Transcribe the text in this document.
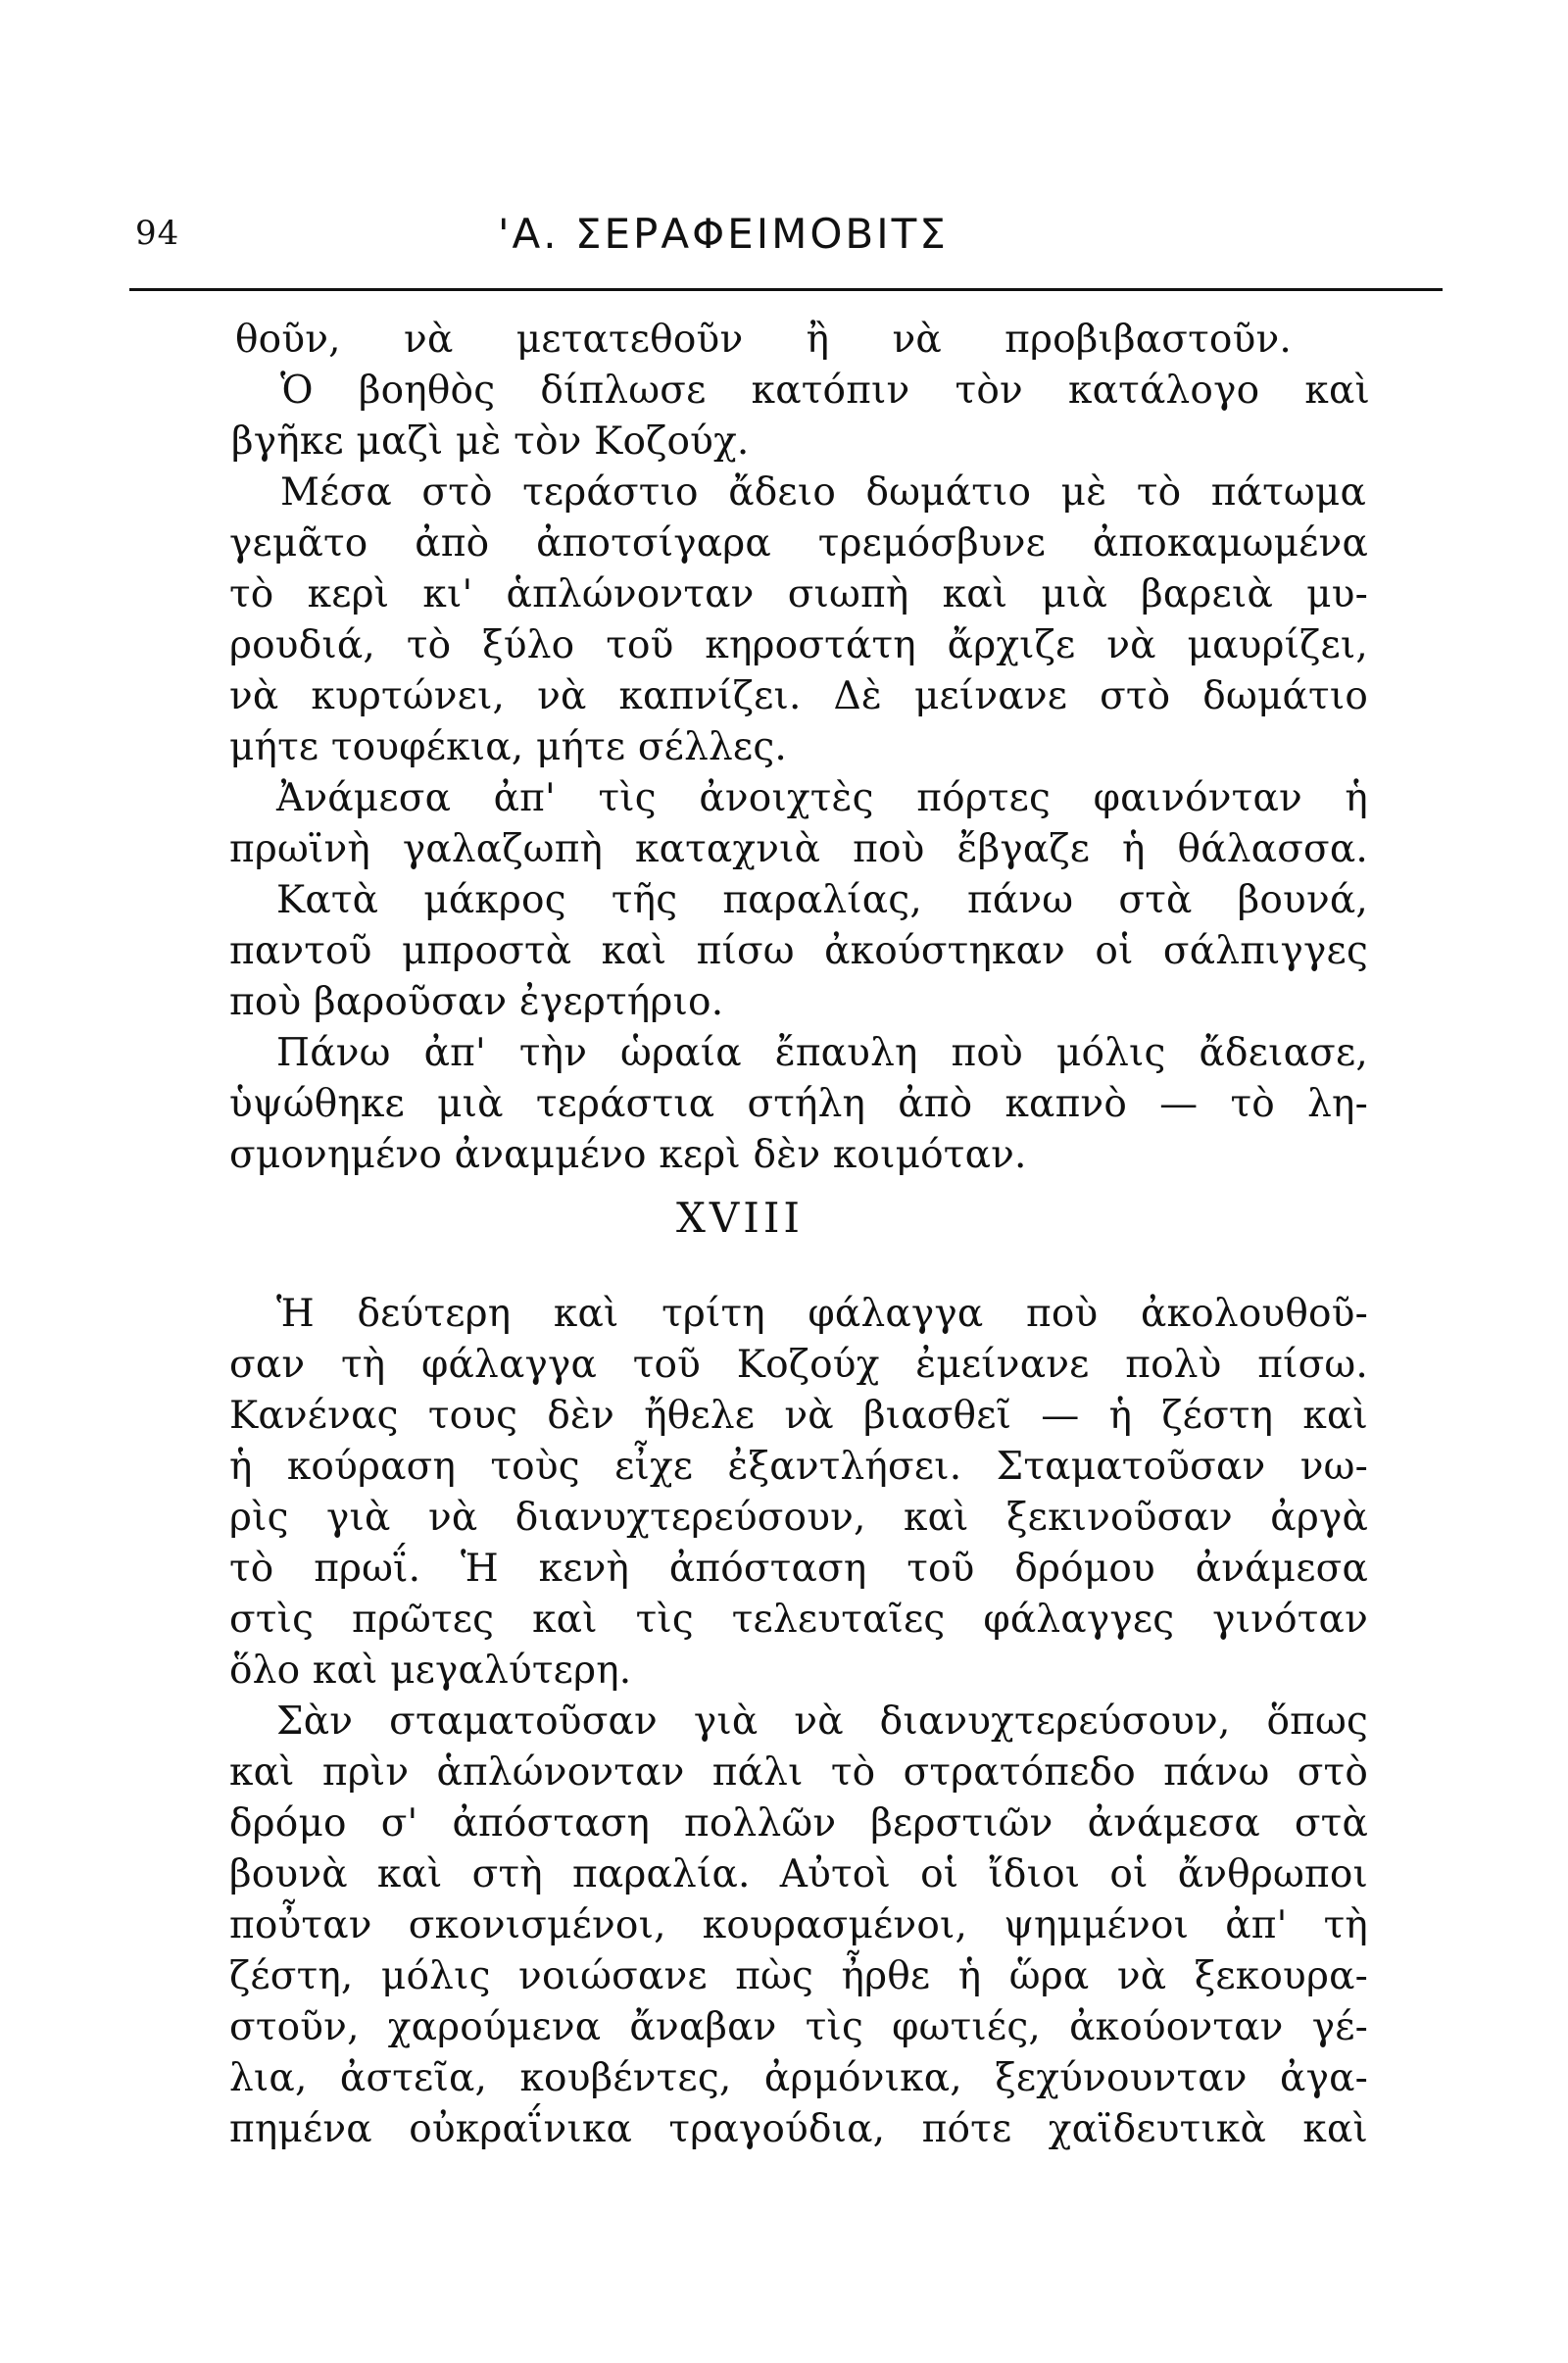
94	'Α. ΣΕΡΑΦΕΙΜΟΒΙΤΣ
θοῦν, νὰ μετατεθοῦν ἢ νὰ προβιβαστοῦν.
Ὁ βοηθὸς δίπλωσε κατόπιν τὸν κατάλογο καὶ
βγῆκε μαζὶ μὲ τὸν Κοζούχ.
Μέσα στὸ τεράστιο ἄδειο δωμάτιο μὲ τὸ πάτωμα
γεμᾶτο ἀπὸ ἀποτσίγαρα τρεμόσβυνε ἀποκαμωμένα
τὸ κερὶ κι' ἁπλώνονταν σιωπὴ καὶ μιὰ βαρειὰ μυ-
ρουδιά, τὸ ξύλο τοῦ κηροστάτη ἄρχιζε νὰ μαυρίζει,
νὰ κυρτώνει, νὰ καπνίζει. Δὲ μείνανε στὸ δωμάτιο
μήτε τουφέκια, μήτε σέλλες.
Ἀνάμεσα ἀπ' τὶς ἀνοιχτὲς πόρτες φαινόνταν ἡ
πρωϊνὴ γαλαζωπὴ καταχνιὰ ποὺ ἔβγαζε ἡ θάλασσα.
Κατὰ μάκρος τῆς παραλίας, πάνω στὰ βουνά,
παντοῦ μπροστὰ καὶ πίσω ἀκούστηκαν οἱ σάλπιγγες
ποὺ βαροῦσαν ἐγερτήριο.
Πάνω ἀπ' τὴν ὡραία ἔπαυλη ποὺ μόλις ἄδειασε,
ὑψώθηκε μιὰ τεράστια στήλη ἀπὸ καπνὸ — τὸ λη-
σμονημένο ἀναμμένο κερὶ δὲν κοιμόταν.
XVIII
Ἡ δεύτερη καὶ τρίτη φάλαγγα ποὺ ἀκολουθοῦ-
σαν τὴ φάλαγγα τοῦ Κοζούχ ἐμείνανε πολὺ πίσω.
Κανένας τους δὲν ἤθελε νὰ βιασθεῖ — ἡ ζέστη καὶ
ἡ κούραση τοὺς εἶχε ἐξαντλήσει. Σταματοῦσαν νω-
ρὶς γιὰ νὰ διανυχτερεύσουν, καὶ ξεκινοῦσαν ἀργὰ
τὸ πρωΐ. Ἡ κενὴ ἀπόσταση τοῦ δρόμου ἀνάμεσα
στὶς πρῶτες καὶ τὶς τελευταῖες φάλαγγες γινόταν
ὅλο καὶ μεγαλύτερη.
Σὰν σταματοῦσαν γιὰ νὰ διανυχτερεύσουν, ὅπως
καὶ πρὶν ἁπλώνονταν πάλι τὸ στρατόπεδο πάνω στὸ
δρόμο σ' ἀπόσταση πολλῶν βερστιῶν ἀνάμεσα στὰ
βουνὰ καὶ στὴ παραλία. Αὐτοὶ οἱ ἴδιοι οἱ ἄνθρωποι
ποὖταν σκονισμένοι, κουρασμένοι, ψημμένοι ἀπ' τὴ
ζέστη, μόλις νοιώσανε πὼς ἦρθε ἡ ὥρα νὰ ξεκουρα-
στοῦν, χαρούμενα ἄναβαν τὶς φωτιές, ἀκούονταν γέ-
λια, ἀστεῖα, κουβέντες, ἀρμόνικα, ξεχύνουνταν ἀγα-
πημένα οὐκραΐνικα τραγούδια, πότε χαϊδευτικὰ καὶ
